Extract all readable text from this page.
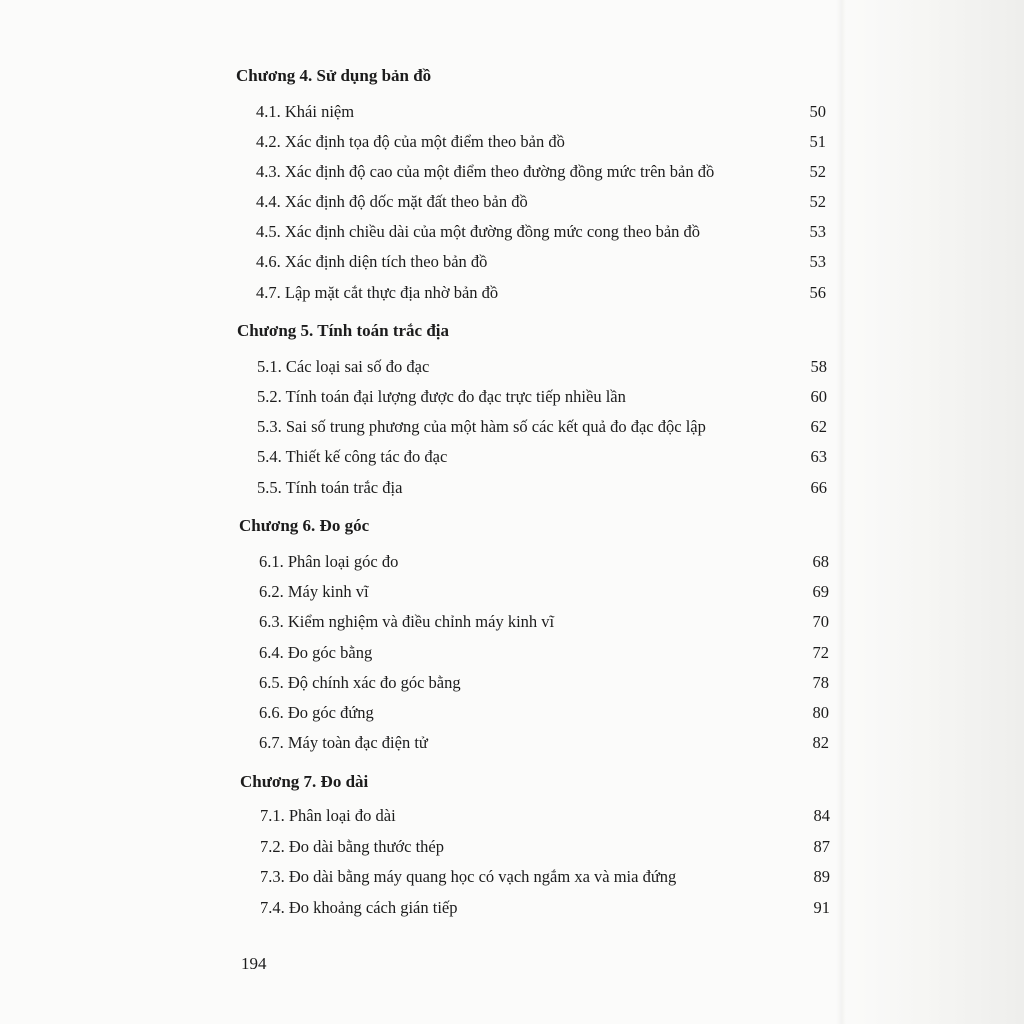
Chương 4. Sử dụng bản đồ
4.1. Khái niệm	50
4.2. Xác định tọa độ của một điểm theo bản đồ	51
4.3. Xác định độ cao của một điểm theo đường đồng mức trên bản đồ	52
4.4. Xác định độ dốc mặt đất theo bản đồ	52
4.5. Xác định chiều dài của một đường đồng mức cong theo bản đồ	53
4.6. Xác định diện tích theo bản đồ	53
4.7. Lập mặt cắt thực địa nhờ bản đồ	56
Chương 5. Tính toán trắc địa
5.1. Các loại sai số đo đạc	58
5.2. Tính toán đại lượng được đo đạc trực tiếp nhiều lần	60
5.3. Sai số trung phương của một hàm số các kết quả đo đạc độc lập	62
5.4. Thiết kế công tác đo đạc	63
5.5. Tính toán trắc địa	66
Chương 6. Đo góc
6.1. Phân loại góc đo	68
6.2. Máy kinh vĩ	69
6.3. Kiểm nghiệm và điều chỉnh máy kinh vĩ	70
6.4. Đo góc bằng	72
6.5. Độ chính xác đo góc bằng	78
6.6. Đo góc đứng	80
6.7. Máy toàn đạc điện tử	82
Chương 7. Đo dài
7.1. Phân loại đo dài	84
7.2. Đo dài bằng thước thép	87
7.3. Đo dài bằng máy quang học có vạch ngắm xa và mia đứng	89
7.4. Đo khoảng cách gián tiếp	91
194
